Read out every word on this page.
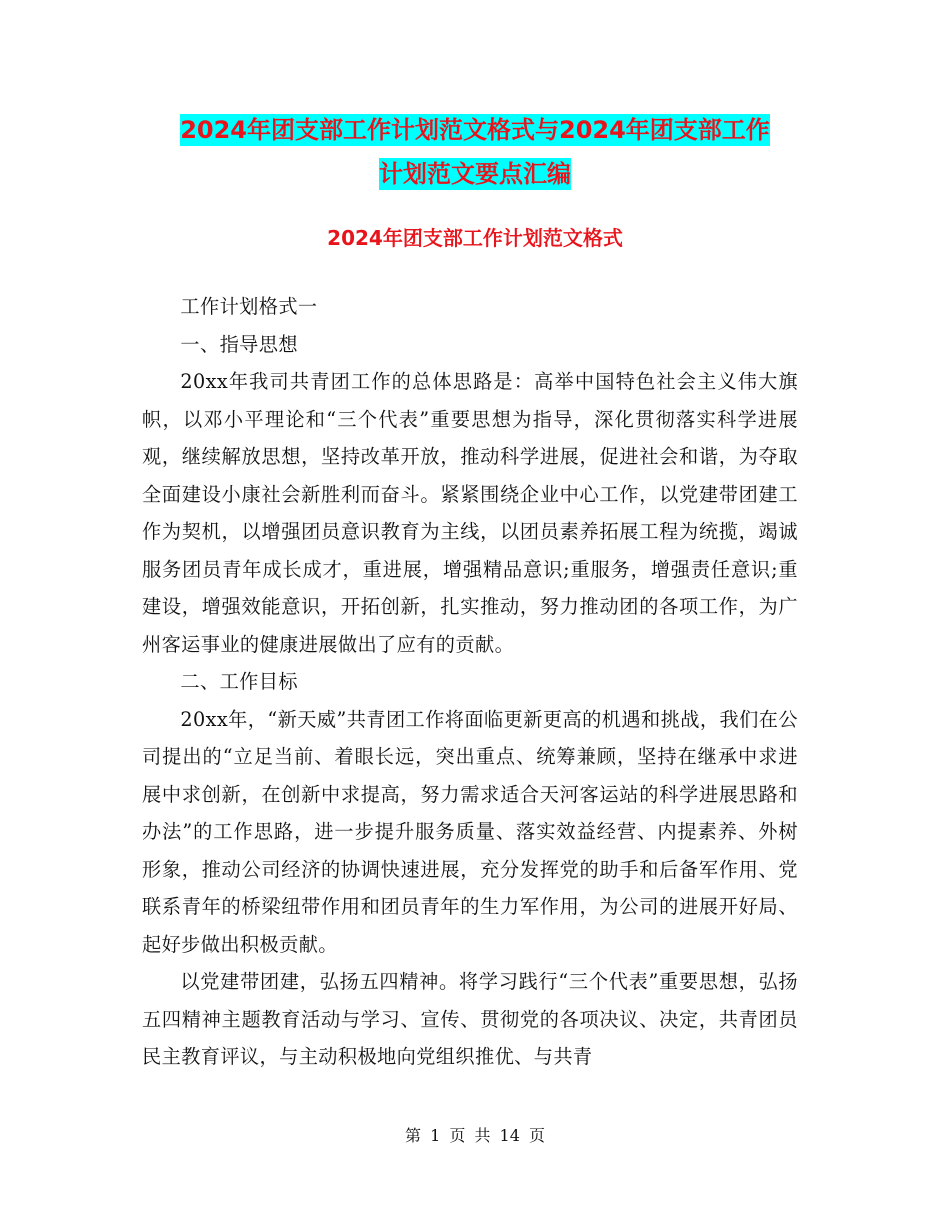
2024年团支部工作计划范文格式与2024年团支部工作
计划范文要点汇编
2024年团支部工作计划范文格式

工作计划格式一

一、指导思想

20xx年我司共青团工作的总体思路是：高举中国特色社会主义伟大旗帜，以邓小平理论和“三个代表”重要思想为指导，深化贯彻落实科学进展观，继续解放思想，坚持改革开放，推动科学进展，促进社会和谐，为夺取全面建设小康社会新胜利而奋斗。紧紧围绕企业中心工作，以党建带团建工作为契机，以增强团员意识教育为主线，以团员素养拓展工程为统揽，竭诚服务团员青年成长成才，重进展，增强精品意识;重服务，增强责任意识;重建设，增强效能意识，开拓创新，扎实推动，努力推动团的各项工作，为广州客运事业的健康进展做出了应有的贡献。

二、工作目标

20xx年，“新天威”共青团工作将面临更新更高的机遇和挑战，我们在公司提出的“立足当前、着眼长远，突出重点、统筹兼顾，坚持在继承中求进展中求创新，在创新中求提高，努力需求适合天河客运站的科学进展思路和办法”的工作思路，进一步提升服务质量、落实效益经营、内提素养、外树形象，推动公司经济的协调快速进展，充分发挥党的助手和后备军作用、党联系青年的桥梁纽带作用和团员青年的生力军作用，为公司的进展开好局、起好步做出积极贡献。

以党建带团建，弘扬五四精神。将学习践行“三个代表”重要思想，弘扬五四精神主题教育活动与学习、宣传、贯彻党的各项决议、决定，共青团员民主教育评议，与主动积极地向党组织推优、与共青

第 1 页 共 14 页
